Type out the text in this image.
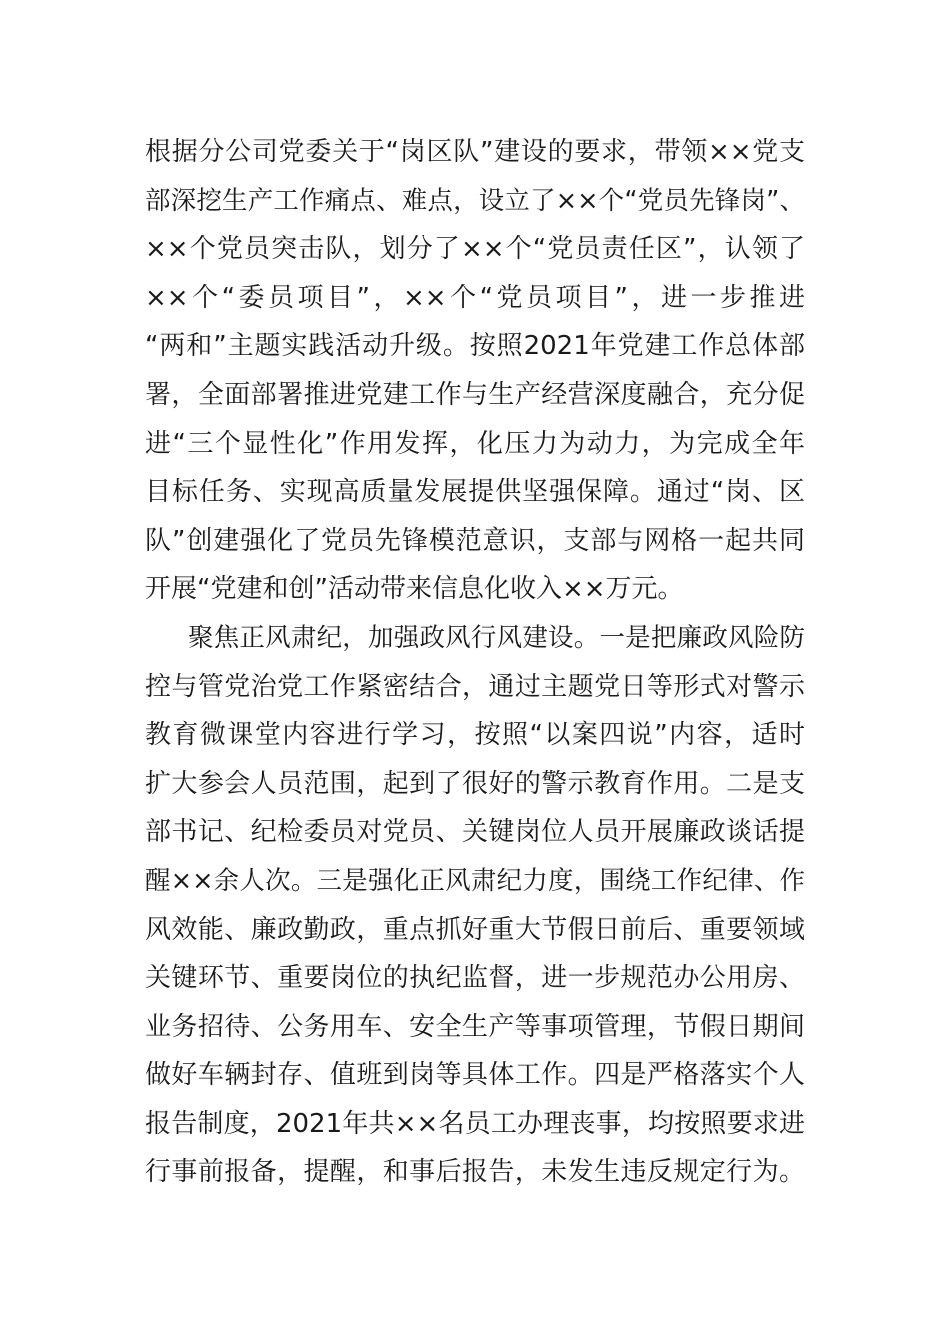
根据分公司党委关于“岗区队”建设的要求，带领××党支
部深挖生产工作痛点、难点，设立了××个“党员先锋岗”、
××个党员突击队，划分了××个“党员责任区”，认领了
××个“委员项目”，××个“党员项目”，进一步推进
“两和”主题实践活动升级。按照2021年党建工作总体部
署，全面部署推进党建工作与生产经营深度融合，充分促
进“三个显性化”作用发挥，化压力为动力，为完成全年
目标任务、实现高质量发展提供坚强保障。通过“岗、区
队”创建强化了党员先锋模范意识，支部与网格一起共同
开展“党建和创”活动带来信息化收入××万元。
聚焦正风肃纪，加强政风行风建设。一是把廉政风险防
控与管党治党工作紧密结合，通过主题党日等形式对警示
教育微课堂内容进行学习，按照“以案四说”内容，适时
扩大参会人员范围，起到了很好的警示教育作用。二是支
部书记、纪检委员对党员、关键岗位人员开展廉政谈话提
醒××余人次。三是强化正风肃纪力度，围绕工作纪律、作
风效能、廉政勤政，重点抓好重大节假日前后、重要领域
关键环节、重要岗位的执纪监督，进一步规范办公用房、
业务招待、公务用车、安全生产等事项管理，节假日期间
做好车辆封存、值班到岗等具体工作。四是严格落实个人
报告制度，2021年共××名员工办理丧事，均按照要求进
行事前报备，提醒，和事后报告，未发生违反规定行为。
